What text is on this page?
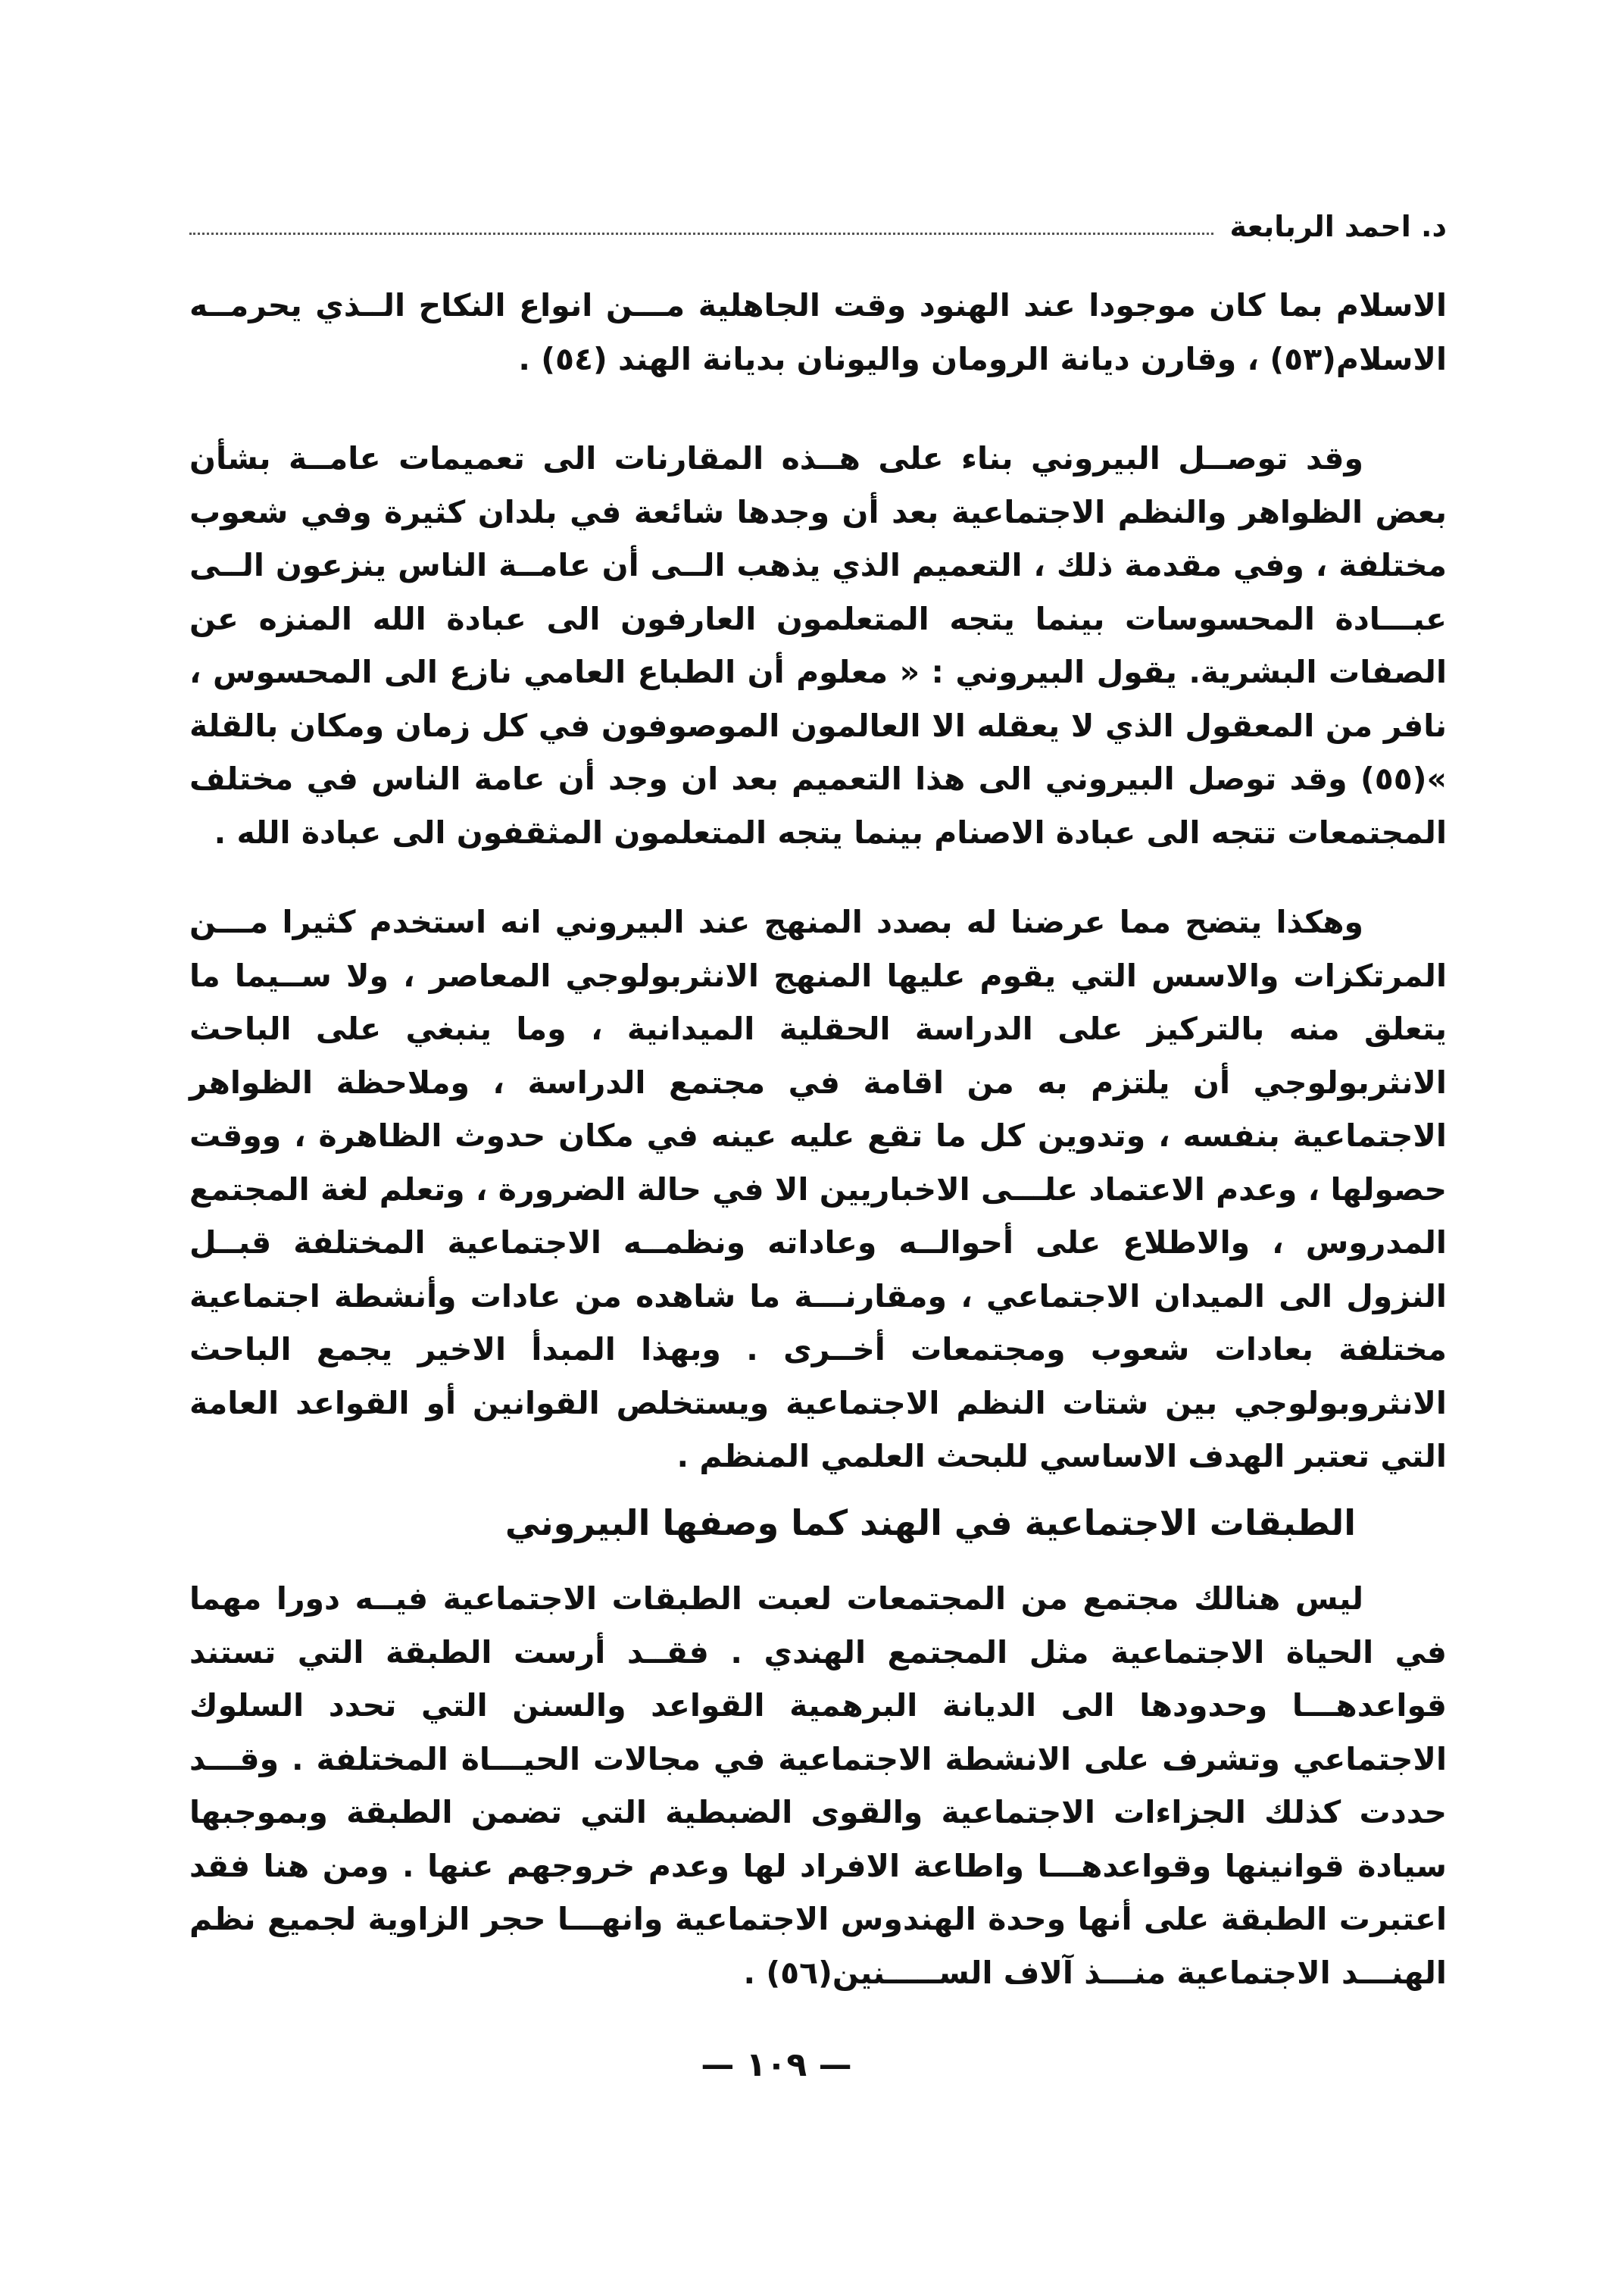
د. احمد الربابعة

الاسلام بما كان موجودا عند الهنود وقت الجاهلية مـــن انواع النكاح الــذي يحرمــه الاسلام(٥٣) ، وقارن ديانة الرومان واليونان بديانة الهند (٥٤) .

وقد توصــل البيروني بناء على هــذه المقارنات الى تعميمات عامــة بشأن بعض الظواهر والنظم الاجتماعية بعد أن وجدها شائعة في بلدان كثيرة وفي شعوب مختلفة ، وفي مقدمة ذلك ، التعميم الذي يذهب الــى أن عامــة الناس ينزعون الــى عبـــادة المحسوسات بينما يتجه المتعلمون العارفون الى عبادة الله المنزه عن الصفات البشرية. يقول البيروني : « معلوم أن الطباع العامي نازع الى المحسوس ، نافر من المعقول الذي لا يعقله الا العالمون الموصوفون في كل زمان ومكان بالقلة »(٥٥) وقد توصل البيروني الى هذا التعميم بعد ان وجد أن عامة الناس في مختلف المجتمعات تتجه الى عبادة الاصنام بينما يتجه المتعلمون المثقفون الى عبادة الله .

وهكذا يتضح مما عرضنا له بصدد المنهج عند البيروني انه استخدم كثيرا مـــن المرتكزات والاسس التي يقوم عليها المنهج الانثربولوجي المعاصر ، ولا ســيما ما يتعلق منه بالتركيز على الدراسة الحقلية الميدانية ، وما ينبغي على الباحث الانثربولوجي أن يلتزم به من اقامة في مجتمع الدراسة ، وملاحظة الظواهر الاجتماعية بنفسه ، وتدوين كل ما تقع عليه عينه في مكان حدوث الظاهرة ، ووقت حصولها ، وعدم الاعتماد علـــى الاخباريين الا في حالة الضرورة ، وتعلم لغة المجتمع المدروس ، والاطلاع على أحوالــه وعاداته ونظمــه الاجتماعية المختلفة قبــل النزول الى الميدان الاجتماعي ، ومقارنـــة ما شاهده من عادات وأنشطة اجتماعية مختلفة بعادات شعوب ومجتمعات أخــرى . وبهذا المبدأ الاخير يجمع الباحث الانثروبولوجي بين شتات النظم الاجتماعية ويستخلص القوانين أو القواعد العامة التي تعتبر الهدف الاساسي للبحث العلمي المنظم .

الطبقات الاجتماعية في الهند كما وصفها البيروني

ليس هنالك مجتمع من المجتمعات لعبت الطبقات الاجتماعية فيــه دورا مهما في الحياة الاجتماعية مثل المجتمع الهندي . فقــد أرست الطبقة التي تستند قواعدهـــا وحدودها الى الديانة البرهمية القواعد والسنن التي تحدد السلوك الاجتماعي وتشرف على الانشطة الاجتماعية في مجالات الحيـــاة المختلفة . وقـــد حددت كذلك الجزاءات الاجتماعية والقوى الضبطية التي تضمن الطبقة وبموجبها سيادة قوانينها وقواعدهـــا واطاعة الافراد لها وعدم خروجهم عنها . ومن هنا فقد اعتبرت الطبقة على أنها وحدة الهندوس الاجتماعية وانهـــا حجر الزاوية لجميع نظم الهنـــد الاجتماعية منـــذ آلاف الســـــنين(٥٦) .

— ١٠٩ —
